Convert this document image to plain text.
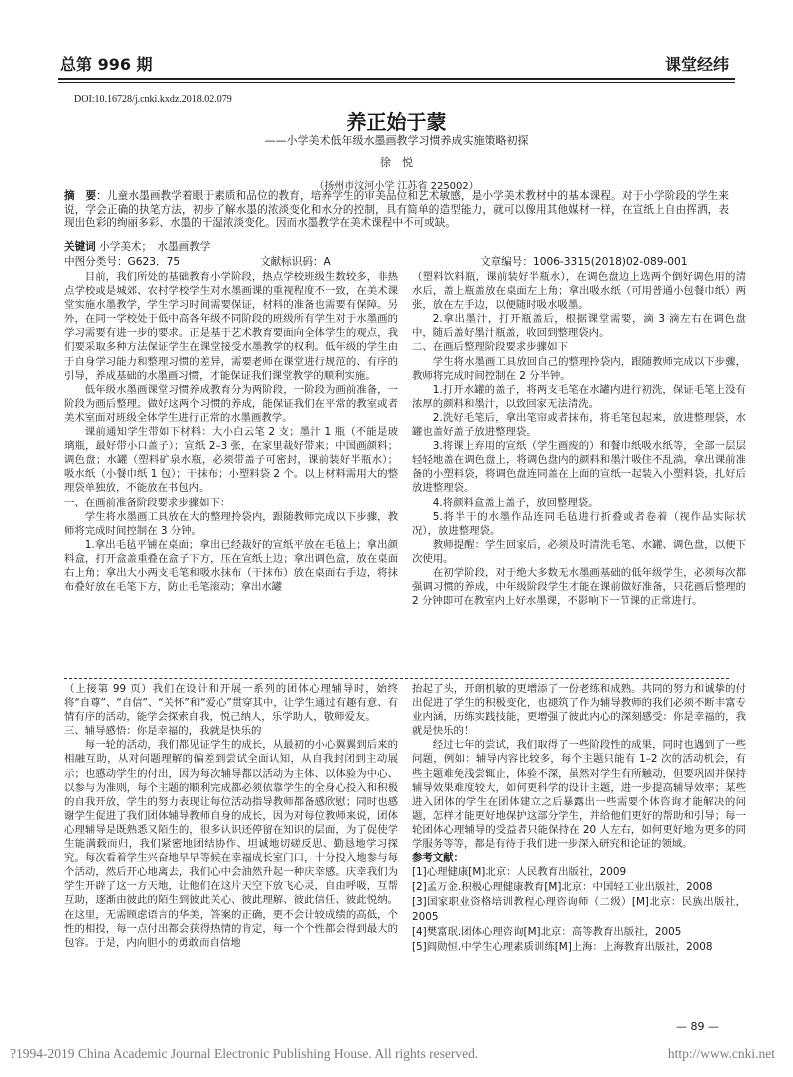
总第 996 期	课堂经纬
DOI:10.16728/j.cnki.kxdz.2018.02.079
养正始于蒙
——小学美术低年级水墨画教学习惯养成实施策略初探
徐　悦
（扬州市汶河小学 江苏省 225002）
摘　要：儿童水墨画教学着眼于素质和品位的教育，培养学生的审美品位和艺术敏感，是小学美术教材中的基本课程。对于小学阶段的学生来说，学会正确的执笔方法，初步了解水墨的浓淡变化和水分的控制，具有简单的造型能力，就可以像用其他媒材一样，在宣纸上自由挥洒，表现出色彩的绚丽多彩、水墨的干湿浓淡变化。因而水墨教学在美术课程中不可或缺。
关键词 小学美术；　水墨画教学
中图分类号：G623．75	文献标识码：A	文章编号：1006-3315(2018)02-089-001

目前，我们所处的基础教育小学阶段，热点学校班级生数较多，非热点学校或是城郊、农村学校学生对水墨画课的重视程度不一致，在美术课堂实施水墨教学，学生学习时间需要保证，材料的准备也需要有保障。另外，在同一学校处于低中高各年级不同阶段的班级所有学生对于水墨画的学习需要有进一步的要求。正是基于艺术教育要面向全体学生的观点，我们要采取多种方法保证学生在课堂接受水墨教学的权利。低年级的学生由于自身学习能力和整理习惯的差异，需要老师在课堂进行规范的、有序的引导，养成基础的水墨画习惯，才能保证我们课堂教学的顺利实施。

低年级水墨画课堂习惯养成教育分为两阶段，一阶段为画前准备，一阶段为画后整理。做好这两个习惯的养成，能保证我们在平常的教室或者美术室面对班级全体学生进行正常的水墨画教学。

课前通知学生带如下材料：大小白云笔 2 支；墨汁 1 瓶（不能是玻璃瓶，最好带小口盖子）；宣纸 2–3 张，在家里裁好带来；中国画颜料；调色盘；水罐（塑料矿泉水瓶，必须带盖子可密封，课前装好半瓶水）；吸水纸（小餐巾纸 1 包）；干抹布；小塑料袋 2 个。以上材料需用大的整理袋单独放，不能放在书包内。

一、在画前准备阶段要求步骤如下：

学生将水墨画工具放在大的整理拎袋内，跟随教师完成以下步骤，教师将完成时间控制在 3 分钟。

1.拿出毛毡平铺在桌面；拿出已经裁好的宣纸平放在毛毡上；拿出颜料盒，打开盒盖重叠在盒子下方，压在宣纸上边；拿出调色盒，放在桌面右上角；拿出大小两支毛笔和吸水抹布（干抹布）放在桌面右手边，将抹布叠好放在毛笔下方，防止毛笔滚动；拿出水罐

（塑料饮料瓶，课前装好半瓶水），在调色盘边上选两个倒好调色用的清水后，盖上瓶盖放在桌面左上角；拿出吸水纸（可用普通小包餐巾纸）两张，放在左手边，以便随时吸水吸墨。

2.拿出墨汁，打开瓶盖后，根据课堂需要，滴 3 滴左右在调色盘中，随后盖好墨汁瓶盖，收回到整理袋内。

二、在画后整理阶段要求步骤如下

学生将水墨画工具放回自己的整理拎袋内，跟随教师完成以下步骤，教师将完成时间控制在 2 分半钟。

1.打开水罐的盖子，将两支毛笔在水罐内进行初洗，保证毛笔上没有浓厚的颜料和墨汁，以致回家无法清洗。

2.洗好毛笔后，拿出笔帘或者抹布，将毛笔包起来，放进整理袋，水罐也盖好盖子放进整理袋。

3.将课上弃用的宣纸（学生画废的）和餐巾纸吸水纸等，全部一层层轻轻地盖在调色盘上，将调色盘内的颜料和墨汁吸住不乱淌，拿出课前准备的小塑料袋，将调色盘连同盖在上面的宣纸一起装入小塑料袋，扎好后放进整理袋。

4.将颜料盒盖上盖子，放回整理袋。

5.将半干的水墨作品连同毛毡进行折叠或者卷着（视作品实际状况），放进整理袋。

教师提醒：学生回家后，必须及时清洗毛笔、水罐、调色盘，以便下次使用。

在初学阶段，对于绝大多数无水墨画基础的低年级学生，必须每次都强调习惯的养成，中年级阶段学生才能在课前做好准备，只花画后整理的 2 分钟即可在教室内上好水墨课，不影响下一节课的正常进行。

（上接第 99 页）我们在设计和开展一系列的团体心理辅导时，始终将“自尊”、“自信”、“关怀”和“爱心”贯穿其中，让学生通过有趣有意、有情有序的活动，能学会探索自我，悦己纳人，乐学助人，敬师爱友。

三、辅导感悟：你是幸福的，我就是快乐的

每一轮的活动，我们都见证学生的成长，从最初的小心翼翼到后来的相融互助，从对问题理解的偏差到尝试全面认知，从自我封闭到主动展示；也感动学生的付出，因为每次辅导都以活动为主体、以体验为中心、以参与为准则，每个主题的顺利完成都必须依靠学生的全身心投入和积极的自我开放，学生的努力表现让每位活动指导教师都备感欣慰；同时也感谢学生促进了我们团体辅导教师自身的成长，因为对每位教师来说，团体心理辅导是既熟悉又陌生的，很多认识还停留在知识的层面，为了促使学生能满载而归，我们紧密地团结协作、坦诚地切磋反思、勤恳地学习探究。每次看着学生兴奋地早早等候在幸福成长室门口，十分投入地参与每个活动，然后开心地离去，我们心中会油然升起一种庆幸感。庆幸我们为学生开辟了这一方天地，让他们在这片天空下放飞心灵，自由呼吸，互帮互助，逐渐由彼此的陌生到彼此关心、彼此理解、彼此信任、彼此悦纳。在这里，无需顾虑语言的华美，答案的正确，更不会计较成绩的高低，个性的相投，每一点付出都会获得热情的肯定，每一个个性都会得到最大的包容。于是，内向胆小的勇敢而自信地

抬起了头，开朗机敏的更增添了一份老练和成熟。共同的努力和诚挚的付出促进了学生的积极变化，也褪筑了作为辅导教师的我们必须不断丰富专业内涵，历练实践技能，更增强了彼此内心的深刻感受：你是幸福的，我就是快乐的！

经过七年的尝试，我们取得了一些阶段性的成果，同时也遇到了一些问题，例如：辅导内容比较多，每个主题只能有 1–2 次的活动机会，有些主题难免浅尝辄止，体验不深，虽然对学生有所触动，但要巩固并保持辅导效果难度较大，如何更科学的设计主题，进一步提高辅导效率；某些进入团体的学生在团体建立之后暴露出一些需要个体咨询才能解决的问题，怎样才能更好地保护这部分学生，并给他们更好的帮助和引导；每一轮团体心理辅导的受益者只能保持在 20 人左右，如何更好地为更多的同学服务等等，都是有待于我们进一步深入研究和论证的领域。

参考文献：

[1]心理健康[M]北京：人民教育出版社，2009

[2]孟万金.积极心理健康教育[M]北京：中国轻工业出版社，2008

[3]国家职业资格培训教程心理咨询师（二级）[M]北京：民族出版社，2005

[4]樊富珉.团体心理咨询[M]北京：高等教育出版社，2005

[5]阎勋恒.中学生心理素质训练[M]上海：上海教育出版社，2008

— 89 —
?1994-2019 China Academic Journal Electronic Publishing House. All rights reserved.	http://www.cnki.net
